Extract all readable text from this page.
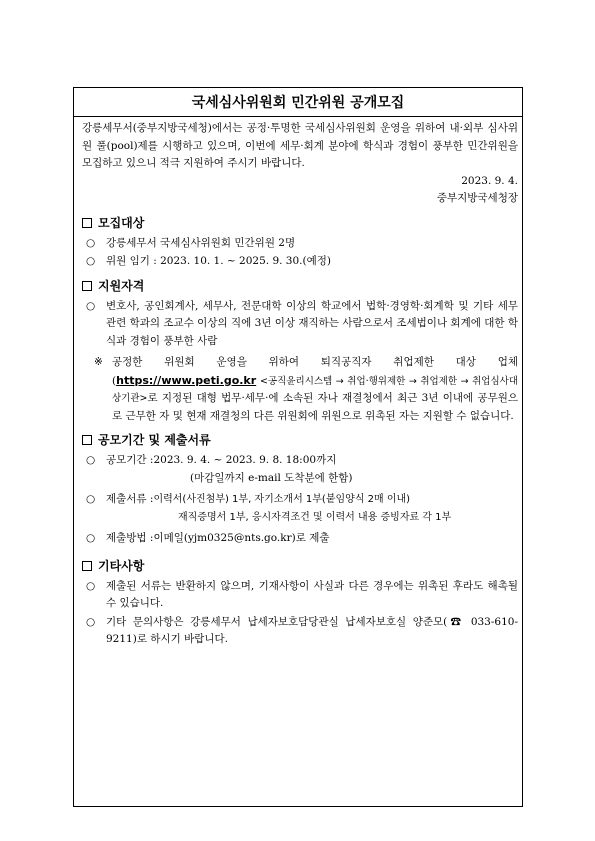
국세심사위원회 민간위원 공개모집
강릉세무서(중부지방국세청)에서는 공정·투명한 국세심사위원회 운영을 위하여 내·외부 심사위원 풀(pool)제를 시행하고 있으며, 이번에 세무·회계 분야에 학식과 경험이 풍부한 민간위원을 모집하고 있으니 적극 지원하여 주시기 바랍니다.
2023. 9. 4.
중부지방국세청장
모집대상
○	강릉세무서 국세심사위원회 민간위원 2명
○	위원 임기 : 2023. 10. 1. ~ 2025. 9. 30.(예정)
지원자격
○	변호사, 공인회계사, 세무사, 전문대학 이상의 학교에서 법학·경영학·회계학 및 기타 세무 관련 학과의 조교수 이상의 직에 3년 이상 재직하는 사람으로서 조세법이나 회계에 대한 학식과 경험이 풍부한 사람
※ 공정한 위원회 운영을 위하여 퇴직공직자 취업제한 대상 업체 (https://www.peti.go.kr <공직윤리시스템 → 취업·행위제한 → 취업제한 → 취업심사대상기관>로 지정된 대형 법무·세무·에 소속된 자나 재결청에서 최근 3년 이내에 공무원으로 근무한 자 및 현재 재결청의 다른 위원회에 위원으로 위촉된 자는 지원할 수 없습니다.
공모기간 및 제출서류
○	공모기간 : 2023. 9. 4. ~ 2023. 9. 8. 18:00까지
(마감일까지 e-mail 도착분에 한함)
○	제출서류 : 이력서(사진첨부) 1부, 자기소개서 1부(붙임양식 2매 이내)
재직증명서 1부, 응시자격조건 및 이력서 내용 증빙자료 각 1부
○	제출방법 : 이메일(yjm0325@nts.go.kr)로 제출
기타사항
○	제출된 서류는 반환하지 않으며, 기재사항이 사실과 다른 경우에는 위촉된 후라도 해촉될 수 있습니다.
○	기타 문의사항은 강릉세무서 납세자보호담당관실 납세자보호실 양준모(☎ 033-610-9211)로 하시기 바랍니다.
